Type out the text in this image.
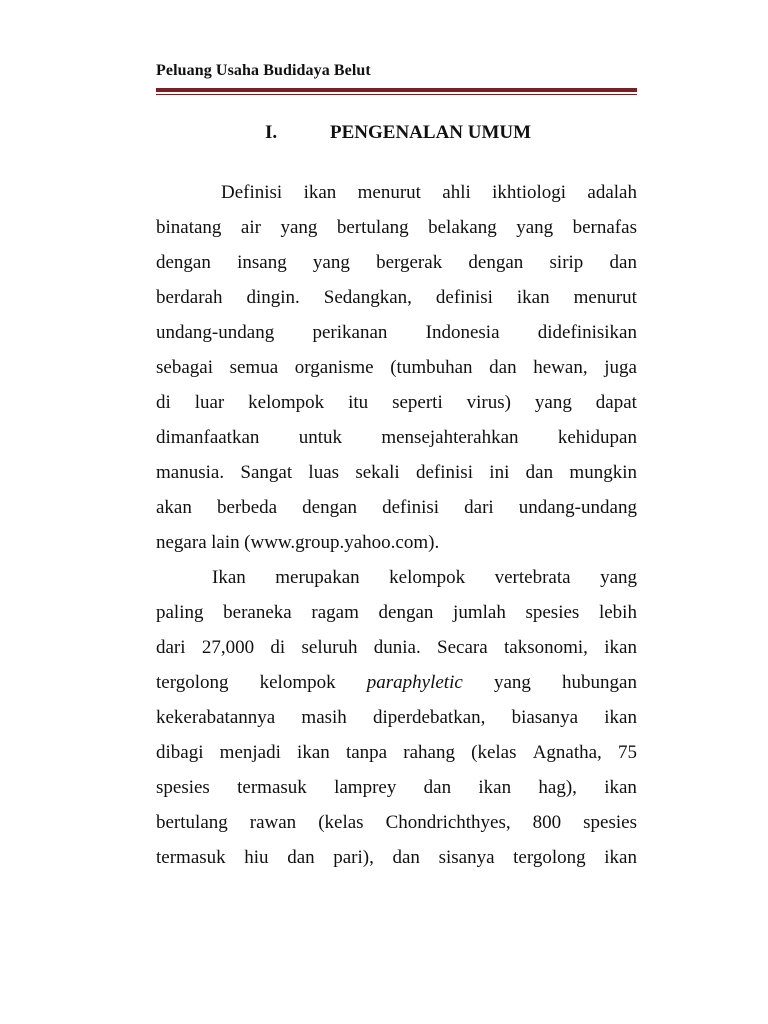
Peluang Usaha Budidaya Belut
I.	PENGENALAN UMUM
Definisi ikan menurut ahli ikhtiologi adalah
binatang air yang bertulang belakang yang bernafas
dengan insang yang bergerak dengan sirip dan
berdarah dingin. Sedangkan, definisi ikan menurut
undang-undang perikanan Indonesia didefinisikan
sebagai semua organisme (tumbuhan dan hewan, juga
di luar kelompok itu seperti virus) yang dapat
dimanfaatkan untuk mensejahterahkan kehidupan
manusia. Sangat luas sekali definisi ini dan mungkin
akan berbeda dengan definisi dari undang-undang
negara lain (www.group.yahoo.com).
Ikan merupakan kelompok vertebrata yang
paling beraneka ragam dengan jumlah spesies lebih
dari 27,000 di seluruh dunia. Secara taksonomi, ikan
tergolong kelompok paraphyletic yang hubungan
kekerabatannya masih diperdebatkan, biasanya ikan
dibagi menjadi ikan tanpa rahang (kelas Agnatha, 75
spesies termasuk lamprey dan ikan hag), ikan
bertulang rawan (kelas Chondrichthyes, 800 spesies
termasuk hiu dan pari), dan sisanya tergolong ikan
